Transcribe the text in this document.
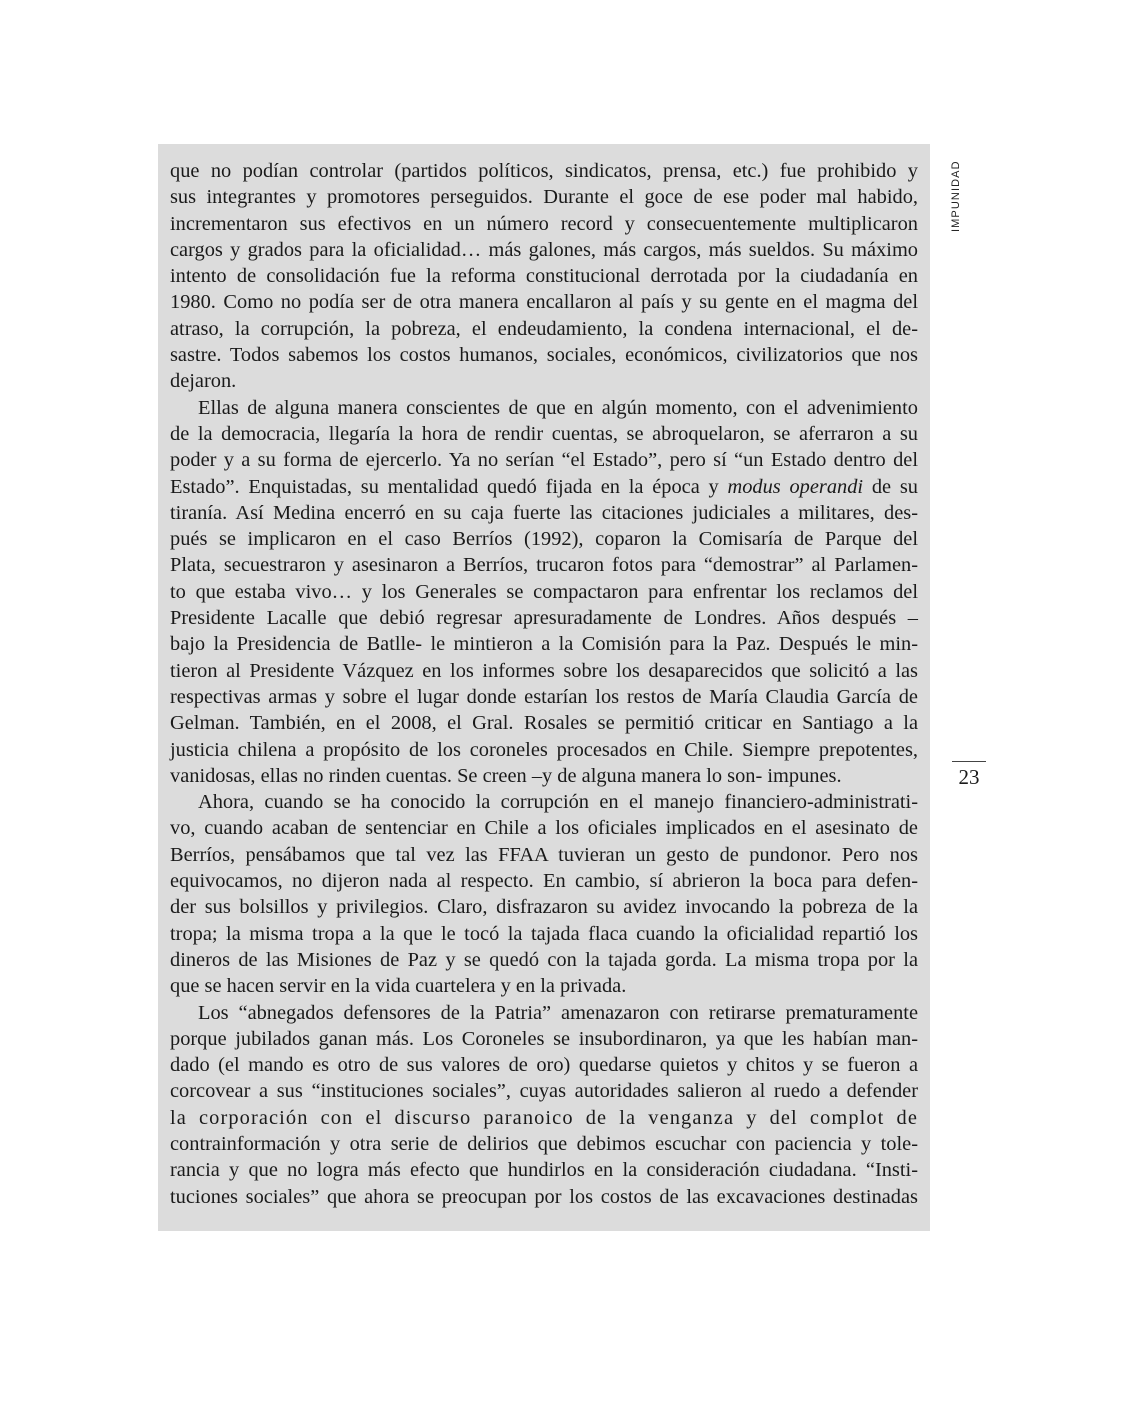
IMPUNIDAD
23
que no podían controlar (partidos políticos, sindicatos, prensa, etc.) fue prohibido y
sus integrantes y promotores perseguidos. Durante el goce de ese poder mal habido,
incrementaron sus efectivos en un número record y consecuentemente multiplicaron
cargos y grados para la oficialidad… más galones, más cargos, más sueldos. Su máximo
intento de consolidación fue la reforma constitucional derrotada por la ciudadanía en
1980. Como no podía ser de otra manera encallaron al país y su gente en el magma del
atraso, la corrupción, la pobreza, el endeudamiento, la condena internacional, el de-
sastre. Todos sabemos los costos humanos, sociales, económicos, civilizatorios que nos
dejaron.
Ellas de alguna manera conscientes de que en algún momento, con el advenimiento
de la democracia, llegaría la hora de rendir cuentas, se abroquelaron, se aferraron a su
poder y a su forma de ejercerlo. Ya no serían “el Estado”, pero sí “un Estado dentro del
Estado”. Enquistadas, su mentalidad quedó fijada en la época y modus operandi de su
tiranía. Así Medina encerró en su caja fuerte las citaciones judiciales a militares, des-
pués se implicaron en el caso Berríos (1992), coparon la Comisaría de Parque del
Plata, secuestraron y asesinaron a Berríos, trucaron fotos para “demostrar” al Parlamen-
to que estaba vivo… y los Generales se compactaron para enfrentar los reclamos del
Presidente Lacalle que debió regresar apresuradamente de Londres. Años después –
bajo la Presidencia de Batlle- le mintieron a la Comisión para la Paz. Después le min-
tieron al Presidente Vázquez en los informes sobre los desaparecidos que solicitó a las
respectivas armas y sobre el lugar donde estarían los restos de María Claudia García de
Gelman. También, en el 2008, el Gral. Rosales se permitió criticar en Santiago a la
justicia chilena a propósito de los coroneles procesados en Chile. Siempre prepotentes,
vanidosas, ellas no rinden cuentas. Se creen –y de alguna manera lo son- impunes.
Ahora, cuando se ha conocido la corrupción en el manejo financiero-administrati-
vo, cuando acaban de sentenciar en Chile a los oficiales implicados en el asesinato de
Berríos, pensábamos que tal vez las FFAA tuvieran un gesto de pundonor. Pero nos
equivocamos, no dijeron nada al respecto. En cambio, sí abrieron la boca para defen-
der sus bolsillos y privilegios. Claro, disfrazaron su avidez invocando la pobreza de la
tropa; la misma tropa a la que le tocó la tajada flaca cuando la oficialidad repartió los
dineros de las Misiones de Paz y se quedó con la tajada gorda. La misma tropa por la
que se hacen servir en la vida cuartelera y en la privada.
Los “abnegados defensores de la Patria” amenazaron con retirarse prematuramente
porque jubilados ganan más. Los Coroneles se insubordinaron, ya que les habían man-
dado (el mando es otro de sus valores de oro) quedarse quietos y chitos y se fueron a
corcovear a sus “instituciones sociales”, cuyas autoridades salieron al ruedo a defender
la corporación con el discurso paranoico de la venganza y del complot de
contrainformación y otra serie de delirios que debimos escuchar con paciencia y tole-
rancia y que no logra más efecto que hundirlos en la consideración ciudadana. “Insti-
tuciones sociales” que ahora se preocupan por los costos de las excavaciones destinadas
